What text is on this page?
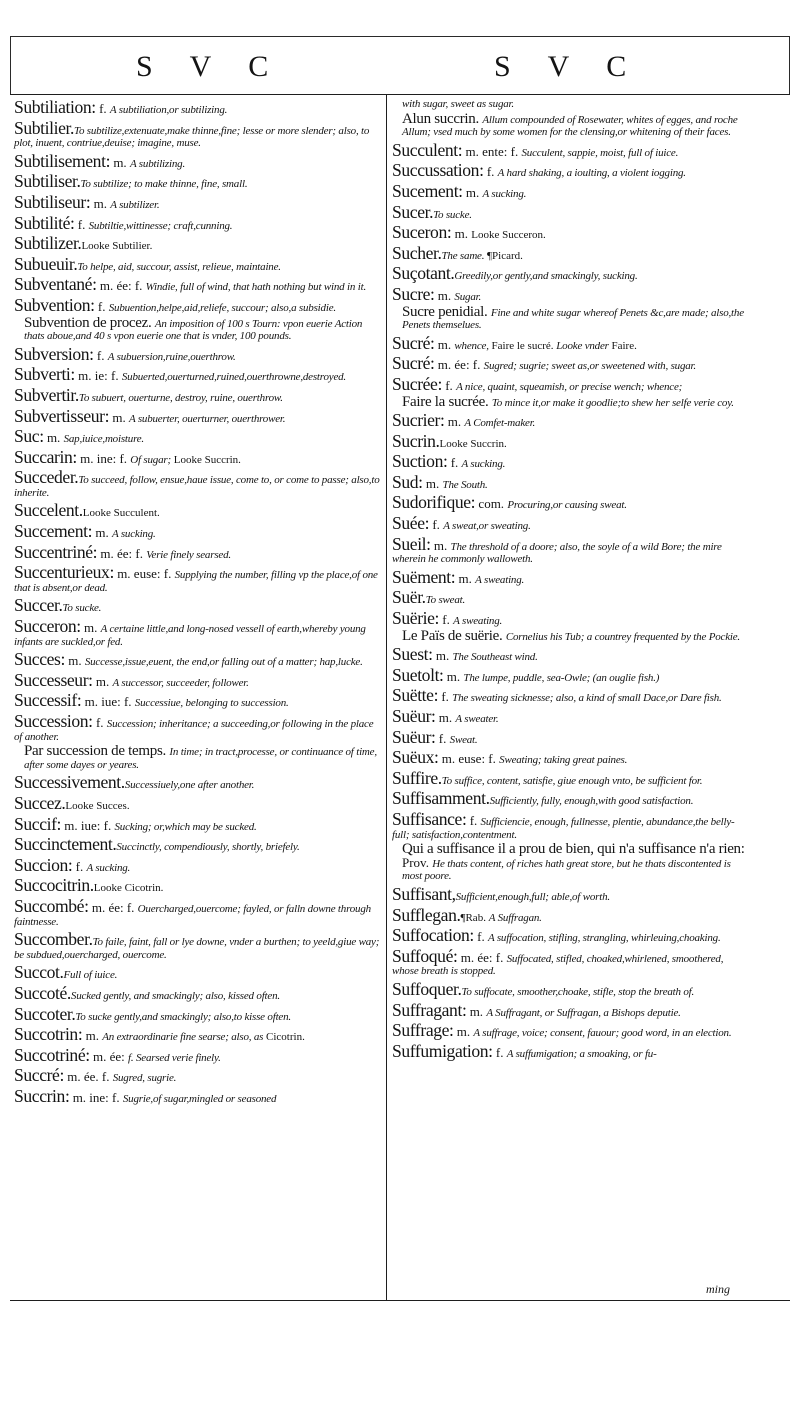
S V C	S V C
Subtiliation: f. A subtiliation,or subtilizing.
Subtilier.To subtilize,extenuate,make thinne,fine; lesse or more slender; also, to plot, inuent, contriue,deuise; imagine, muse.
Subtilisement: m. A subtilizing.
Subtiliser.To subtilize; to make thinne, fine, small.
Subtiliseur: m. A subtilizer.
Subtilité: f. Subtiltie,wittinesse; craft,cunning.
Subtilizer.Looke Subtilier.
Subueuir.To helpe, aid, succour, assist, relieue, maintaine.
Subventané: m. ée: f. Windie, full of wind, that hath nothing but wind in it.
Subvention: f. Subuention,helpe,aid,reliefe, succour; also,a subsidie.
Subvention de procez. An imposition of 100 s Tourn: vpon euerie Action thats aboue,and 40 s vpon euerie one that is vnder, 100 pounds.
Subversion: f. A subuersion,ruine,ouerthrow.
Subverti: m. ie: f. Subuerted,ouerturned,ruined,ouerthrowne,destroyed.
Subvertir.To subuert, ouerturne, destroy, ruine, ouerthrow.
Subvertisseur: m. A subuerter, ouerturner, ouerthrower.
Suc: m. Sap,iuice,moisture.
Succarin: m. ine: f. Of sugar; Looke Succrin.
Succeder.To succeed, follow, ensue,haue issue, come to, or come to passe; also,to inherite.
Succelent.Looke Succulent.
Succement: m. A sucking.
Succentriné: m. ée: f. Verie finely searsed.
Succenturieux: m. euse: f. Supplying the number, filling vp the place,of one that is absent,or dead.
Succer.To sucke.
Succeron: m. A certaine little,and long-nosed vessell of earth,whereby young infants are suckled,or fed.
Succes: m. Successe,issue,euent, the end,or falling out of a matter; hap,lucke.
Successeur: m. A successor, succeeder, follower.
Successif: m. iue: f. Successiue, belonging to succession.
Succession: f. Succession; inheritance; a succeeding,or following in the place of another.
Par succession de temps. In time; in tract,processe, or continuance of time, after some dayes or yeares.
Successivement.Successiuely,one after another.
Succez.Looke Succes.
Succif: m. iue: f. Sucking; or,which may be sucked.
Succinctement.Succinctly, compendiously, shortly, briefely.
Succion: f. A sucking.
Succocitrin.Looke Cicotrin.
Succombé: m. ée: f. Ouercharged,ouercome; fayled, or falln downe through faintnesse.
Succomber.To faile, faint, fall or lye downe, vnder a burthen; to yeeld,giue way; be subdued,ouercharged, ouercome.
Succot.Full of iuice.
Succoté.Sucked gently, and smackingly; also, kissed often.
Succoter.To sucke gently,and smackingly; also,to kisse often.
Succotrin: m. An extraordinarie fine searse; also, as Cicotrin.
Succotriné: m. ée: f. Searsed verie finely.
Succré: m. ée. f. Sugred, sugrie.
Succrin: m. ine: f. Sugrie,of sugar,mingled or seasoned
with sugar, sweet as sugar.
Alun succrin. Allum compounded of Rosewater, whites of egges, and roche Allum; vsed much by some women for the clensing,or whitening of their faces.
Succulent: m. ente: f. Succulent, sappie, moist, full of iuice.
Succussation: f. A hard shaking, a ioulting, a violent iogging.
Sucement: m. A sucking.
Sucer.To sucke.
Suceron: m. Looke Succeron.
Sucher.The same. ¶Picard.
Suçotant.Greedily,or gently,and smackingly, sucking.
Sucre: m. Sugar.
Sucre penidial. Fine and white sugar whereof Penets &c,are made; also,the Penets themselues.
Sucré: m. whence, Faire le sucré. Looke vnder Faire.
Sucré: m. ée: f. Sugred; sugrie; sweet as,or sweetened with, sugar.
Sucrée: f. A nice, quaint, squeamish, or precise wench; whence;
Faire la sucrée. To mince it,or make it goodlie;to shew her selfe verie coy.
Sucrier: m. A Comfet-maker.
Sucrin.Looke Succrin.
Suction: f. A sucking.
Sud: m. The South.
Sudorifique: com. Procuring,or causing sweat.
Suée: f. A sweat,or sweating.
Sueil: m. The threshold of a doore; also, the soyle of a wild Bore; the mire wherein he commonly walloweth.
Suëment: m. A sweating.
Suër.To sweat.
Suërie: f. A sweating.
Le Païs de suërie. Cornelius his Tub; a countrey frequented by the Pockie.
Suest: m. The Southeast wind.
Suetolt: m. The lumpe, puddle, sea-Owle; (an ouglie fish.)
Suëtte: f. The sweating sicknesse; also, a kind of small Dace,or Dare fish.
Suëur: m. A sweater.
Suëur: f. Sweat.
Suëux: m. euse: f. Sweating; taking great paines.
Suffire.To suffice, content, satisfie, giue enough vnto, be sufficient for.
Suffisamment.Sufficiently, fully, enough,with good satisfaction.
Suffisance: f. Sufficiencie, enough, fullnesse, plentie, abundance,the belly-full; satisfaction,contentment.
Qui a suffisance il a prou de bien, qui n'a suffisance n'a rien: Prov. He thats content, of riches hath great store, but he thats discontented is most poore.
Suffisant,Sufficient,enough,full; able,of worth.
Sufflegan.¶Rab. A Suffragan.
Suffocation: f. A suffocation, stifling, strangling, whirleuing,choaking.
Suffoqué: m. ée: f. Suffocated, stifled, choaked,whirlened, smoothered, whose breath is stopped.
Suffoquer.To suffocate, smoother,choake, stifle, stop the breath of.
Suffragant: m. A Suffragant, or Suffragan, a Bishops deputie.
Suffrage: m. A suffrage, voice; consent, fauour; good word, in an election.
Suffumigation: f. A suffumigation; a smoaking, or fu-
ming
